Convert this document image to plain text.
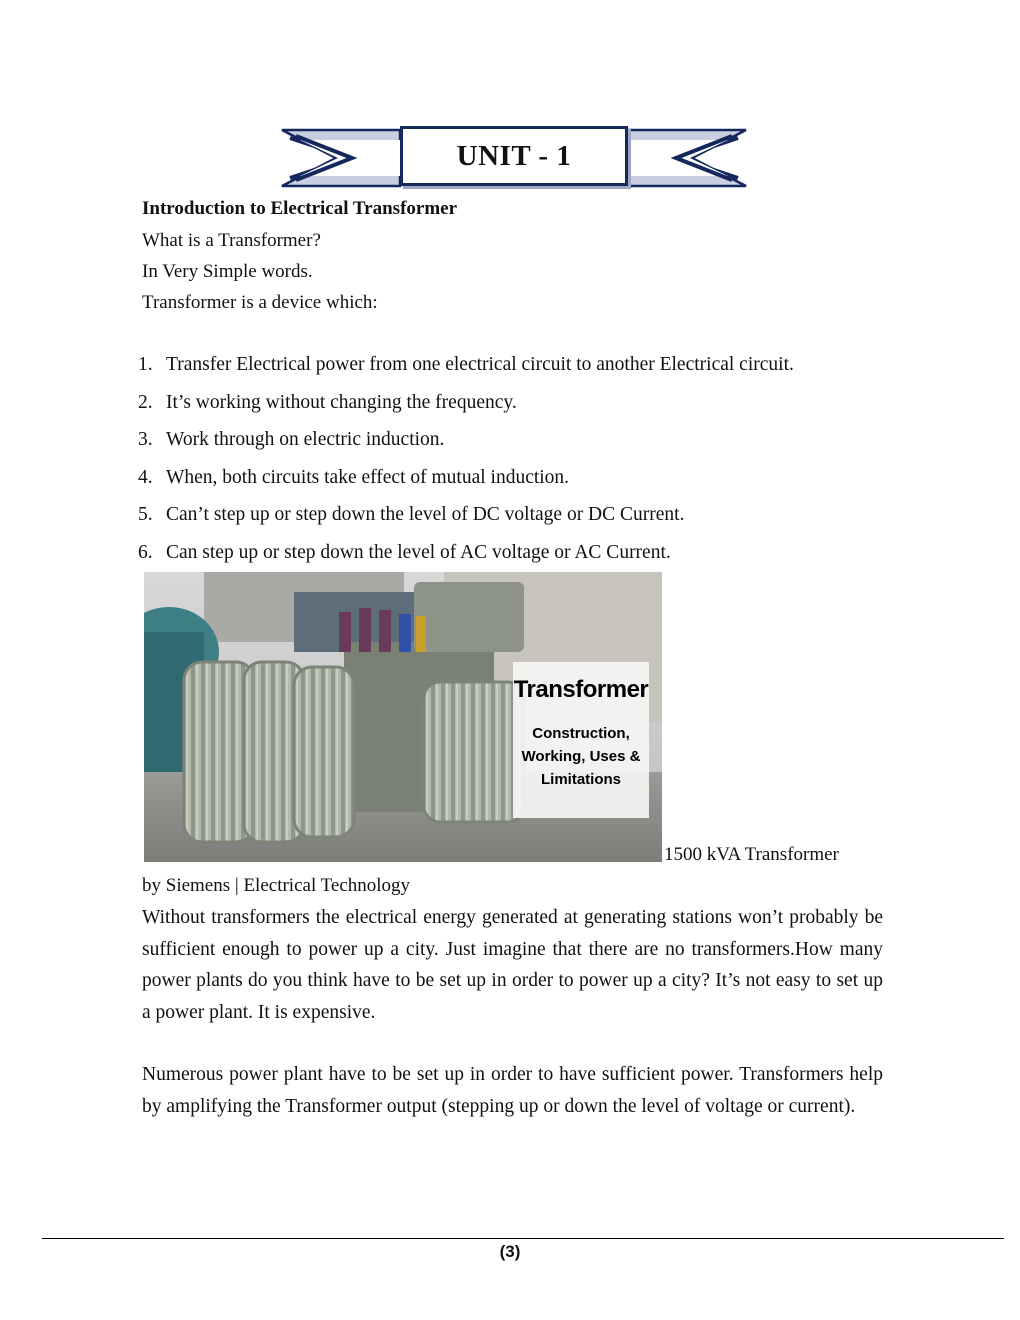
UNIT - 1
Introduction to Electrical Transformer
What is a Transformer?
In Very Simple words.
Transformer is a device which:
1. Transfer Electrical power from one electrical circuit to another Electrical circuit.
2. It’s working without changing the frequency.
3. Work through on electric induction.
4. When, both circuits take effect of mutual induction.
5. Can’t step up or step down the level of DC voltage or DC Current.
6. Can step up or step down the level of AC voltage or AC Current.
Transformer
Construction,
Working, Uses &
Limitations
1500 kVA Transformer
by Siemens | Electrical Technology
Without transformers the electrical energy generated at generating stations won’t probably be sufficient enough to power up a city. Just imagine that there are no transformers.How many power plants do you think have to be set up in order to power up a city? It’s not easy to set up a power plant. It is expensive.
Numerous power plant have to be set up in order to have sufficient power. Transformers help by amplifying the Transformer output (stepping up or down the level of voltage or current).
(3)
